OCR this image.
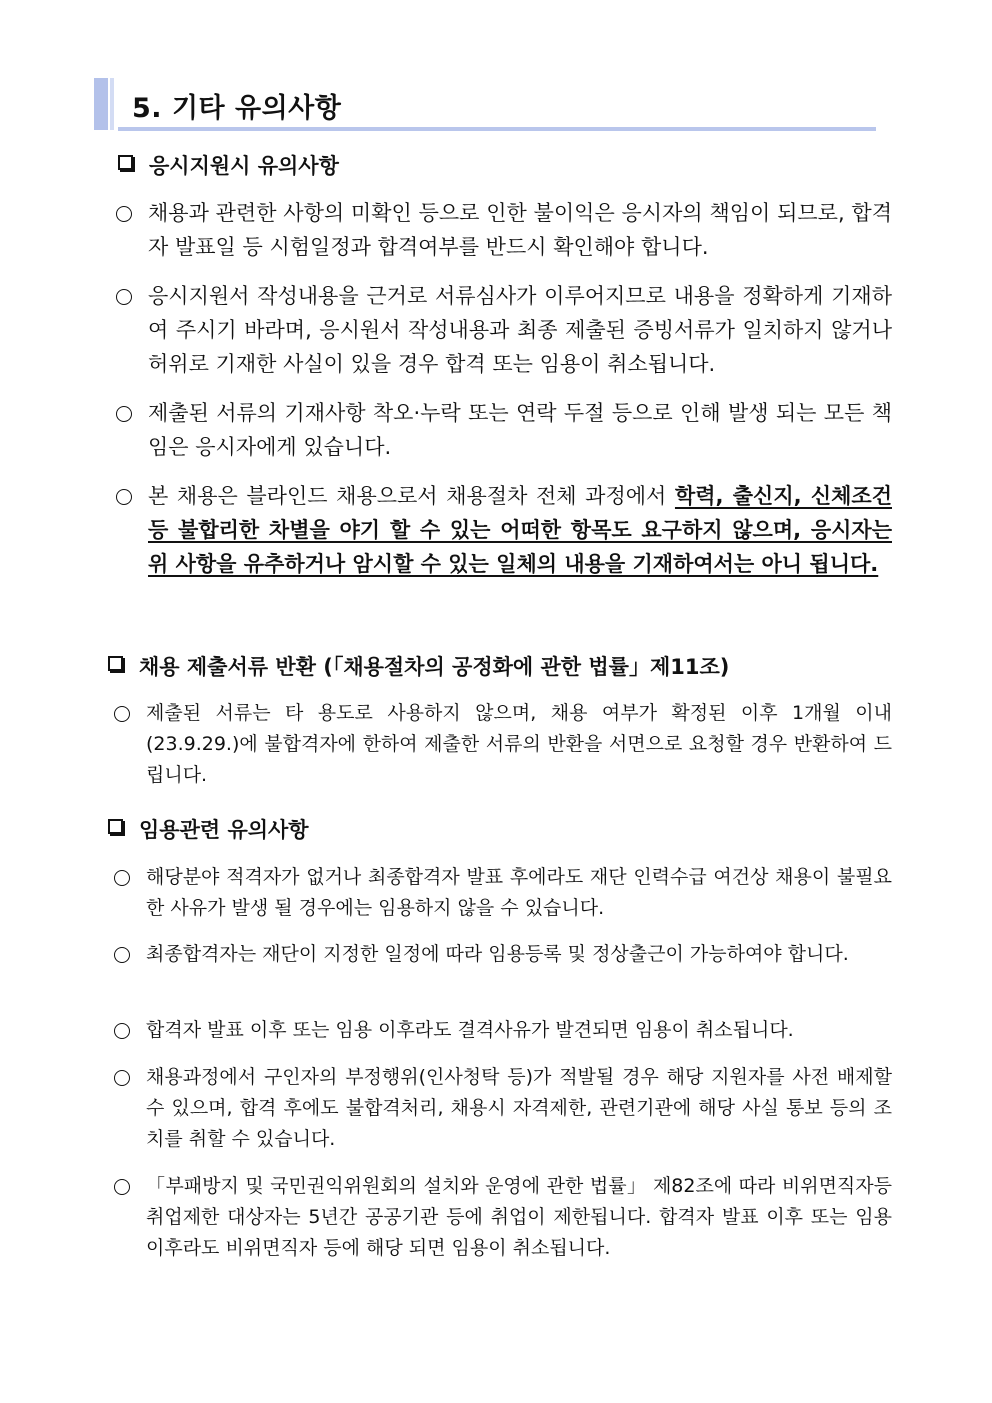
5. 기타 유의사항
응시지원시 유의사항
채용과 관련한 사항의 미확인 등으로 인한 불이익은 응시자의 책임이 되므로, 합격자 발표일 등 시험일정과 합격여부를 반드시 확인해야 합니다.
응시지원서 작성내용을 근거로 서류심사가 이루어지므로 내용을 정확하게 기재하여 주시기 바라며, 응시원서 작성내용과 최종 제출된 증빙서류가 일치하지 않거나 허위로 기재한 사실이 있을 경우 합격 또는 임용이 취소됩니다.
제출된 서류의 기재사항 착오·누락 또는 연락 두절 등으로 인해 발생 되는 모든 책임은 응시자에게 있습니다.
본 채용은 블라인드 채용으로서 채용절차 전체 과정에서 학력, 출신지, 신체조건 등 불합리한 차별을 야기 할 수 있는 어떠한 항목도 요구하지 않으며, 응시자는 위 사항을 유추하거나 암시할 수 있는 일체의 내용을 기재하여서는 아니 됩니다.
채용 제출서류 반환 (「채용절차의 공정화에 관한 법률」제11조)
제출된 서류는 타 용도로 사용하지 않으며, 채용 여부가 확정된 이후 1개월 이내(23.9.29.)에 불합격자에 한하여 제출한 서류의 반환을 서면으로 요청할 경우 반환하여 드립니다.
임용관련 유의사항
해당분야 적격자가 없거나 최종합격자 발표 후에라도 재단 인력수급 여건상 채용이 불필요한 사유가 발생 될 경우에는 임용하지 않을 수 있습니다.
최종합격자는 재단이 지정한 일정에 따라 임용등록 및 정상출근이 가능하여야 합니다.
합격자 발표 이후 또는 임용 이후라도 결격사유가 발견되면 임용이 취소됩니다.
채용과정에서 구인자의 부정행위(인사청탁 등)가 적발될 경우 해당 지원자를 사전 배제할 수 있으며, 합격 후에도 불합격처리, 채용시 자격제한, 관련기관에 해당 사실 통보 등의 조치를 취할 수 있습니다.
「부패방지 및 국민권익위원회의 설치와 운영에 관한 법률」 제82조에 따라 비위면직자등 취업제한 대상자는 5년간 공공기관 등에 취업이 제한됩니다. 합격자 발표 이후 또는 임용 이후라도 비위면직자 등에 해당 되면 임용이 취소됩니다.
